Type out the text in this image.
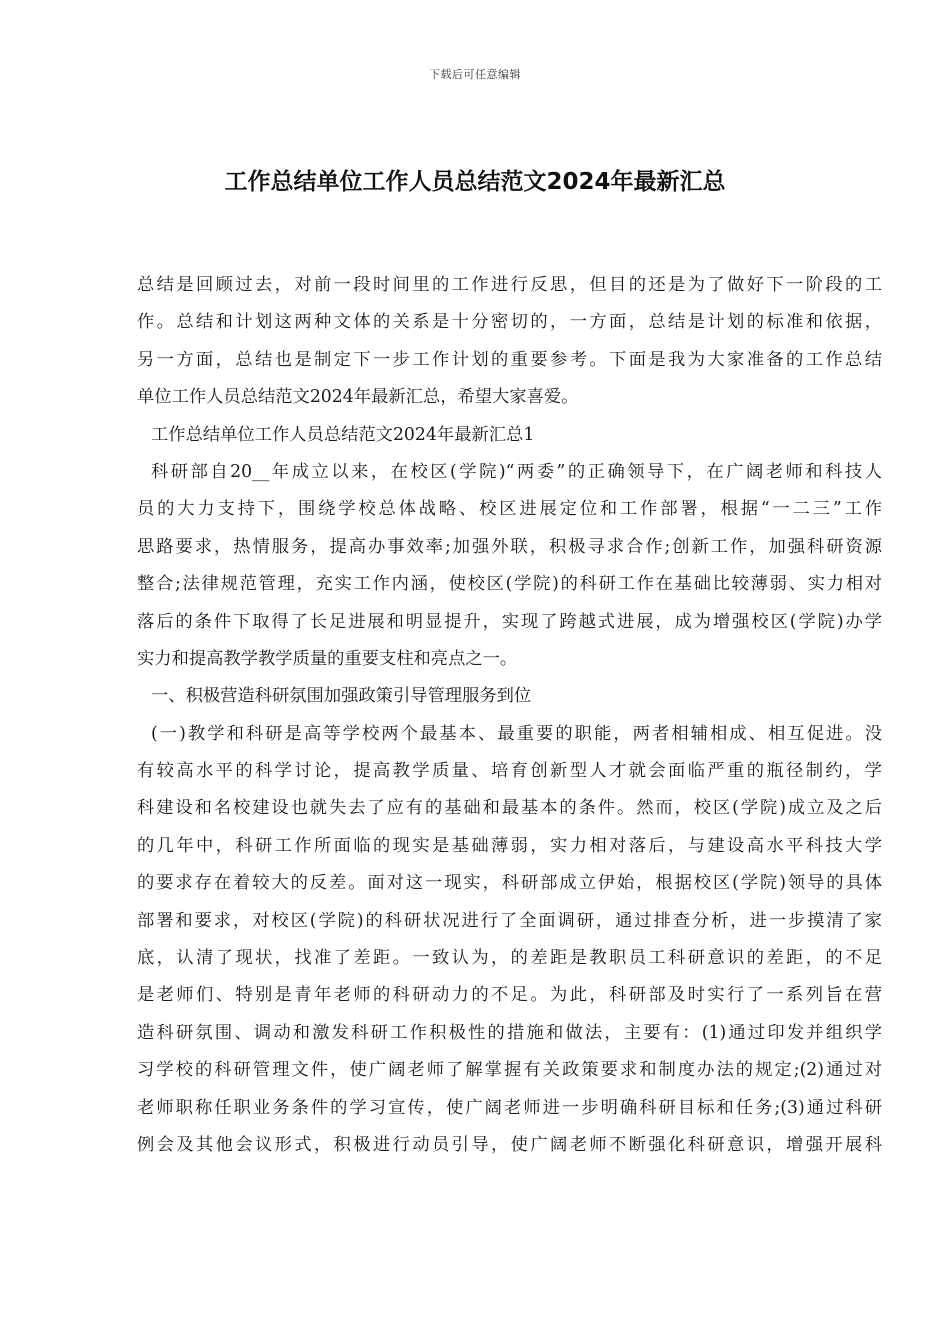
下载后可任意编辑
工作总结单位工作人员总结范文2024年最新汇总
总结是回顾过去，对前一段时间里的工作进行反思，但目的还是为了做好下一阶段的工
作。总结和计划这两种文体的关系是十分密切的，一方面，总结是计划的标准和依据，
另一方面，总结也是制定下一步工作计划的重要参考。下面是我为大家准备的工作总结
单位工作人员总结范文2024年最新汇总，希望大家喜爱。
工作总结单位工作人员总结范文2024年最新汇总1
科研部自20__年成立以来，在校区(学院)“两委”的正确领导下，在广阔老师和科技人
员的大力支持下，围绕学校总体战略、校区进展定位和工作部署，根据“一二三”工作
思路要求，热情服务，提高办事效率;加强外联，积极寻求合作;创新工作，加强科研资源
整合;法律规范管理，充实工作内涵，使校区(学院)的科研工作在基础比较薄弱、实力相对
落后的条件下取得了长足进展和明显提升，实现了跨越式进展，成为增强校区(学院)办学
实力和提高教学教学质量的重要支柱和亮点之一。
一、积极营造科研氛围加强政策引导管理服务到位
(一)教学和科研是高等学校两个最基本、最重要的职能，两者相辅相成、相互促进。没
有较高水平的科学讨论，提高教学质量、培育创新型人才就会面临严重的瓶径制约，学
科建设和名校建设也就失去了应有的基础和最基本的条件。然而，校区(学院)成立及之后
的几年中，科研工作所面临的现实是基础薄弱，实力相对落后，与建设高水平科技大学
的要求存在着较大的反差。面对这一现实，科研部成立伊始，根据校区(学院)领导的具体
部署和要求，对校区(学院)的科研状况进行了全面调研，通过排查分析，进一步摸清了家
底，认清了现状，找准了差距。一致认为，的差距是教职员工科研意识的差距，的不足
是老师们、特别是青年老师的科研动力的不足。为此，科研部及时实行了一系列旨在营
造科研氛围、调动和激发科研工作积极性的措施和做法，主要有：(1)通过印发并组织学
习学校的科研管理文件，使广阔老师了解掌握有关政策要求和制度办法的规定;(2)通过对
老师职称任职业务条件的学习宣传，使广阔老师进一步明确科研目标和任务;(3)通过科研
例会及其他会议形式，积极进行动员引导，使广阔老师不断强化科研意识，增强开展科
